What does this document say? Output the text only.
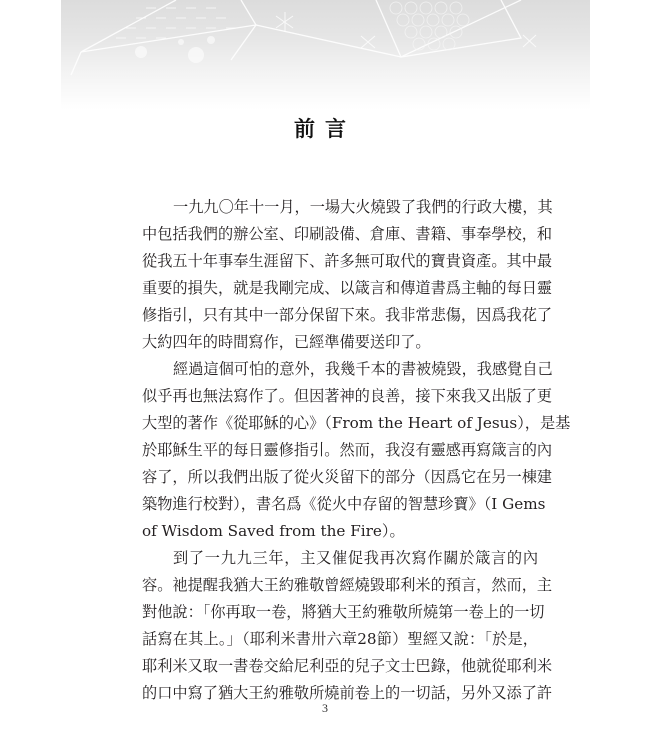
前言
一九九〇年十一月，一場大火燒毀了我們的行政大樓，其
中包括我們的辦公室、印刷設備、倉庫、書籍、事奉學校，和
從我五十年事奉生涯留下、許多無可取代的寶貴資產。其中最
重要的損失，就是我剛完成、以箴言和傳道書爲主軸的每日靈
修指引，只有其中一部分保留下來。我非常悲傷，因爲我花了
大約四年的時間寫作，已經準備要送印了。
經過這個可怕的意外，我幾千本的書被燒毀，我感覺自己
似乎再也無法寫作了。但因著神的良善，接下來我又出版了更
大型的著作《從耶穌的心》（From the Heart of Jesus），是基
於耶穌生平的每日靈修指引。然而，我沒有靈感再寫箴言的內
容了，所以我們出版了從火災留下的部分（因爲它在另一棟建
築物進行校對），書名爲《從火中存留的智慧珍寶》（I Gems
of Wisdom Saved from the Fire）。
到了一九九三年，主又催促我再次寫作關於箴言的內
容。祂提醒我猶大王約雅敬曾經燒毀耶利米的預言，然而，主
對他說：「你再取一卷，將猶大王約雅敬所燒第一卷上的一切
話寫在其上。」（耶利米書卅六章28節）聖經又說：「於是，
耶利米又取一書卷交給尼利亞的兒子文士巴錄，他就從耶利米
的口中寫了猶大王約雅敬所燒前卷上的一切話，另外又添了許
3
